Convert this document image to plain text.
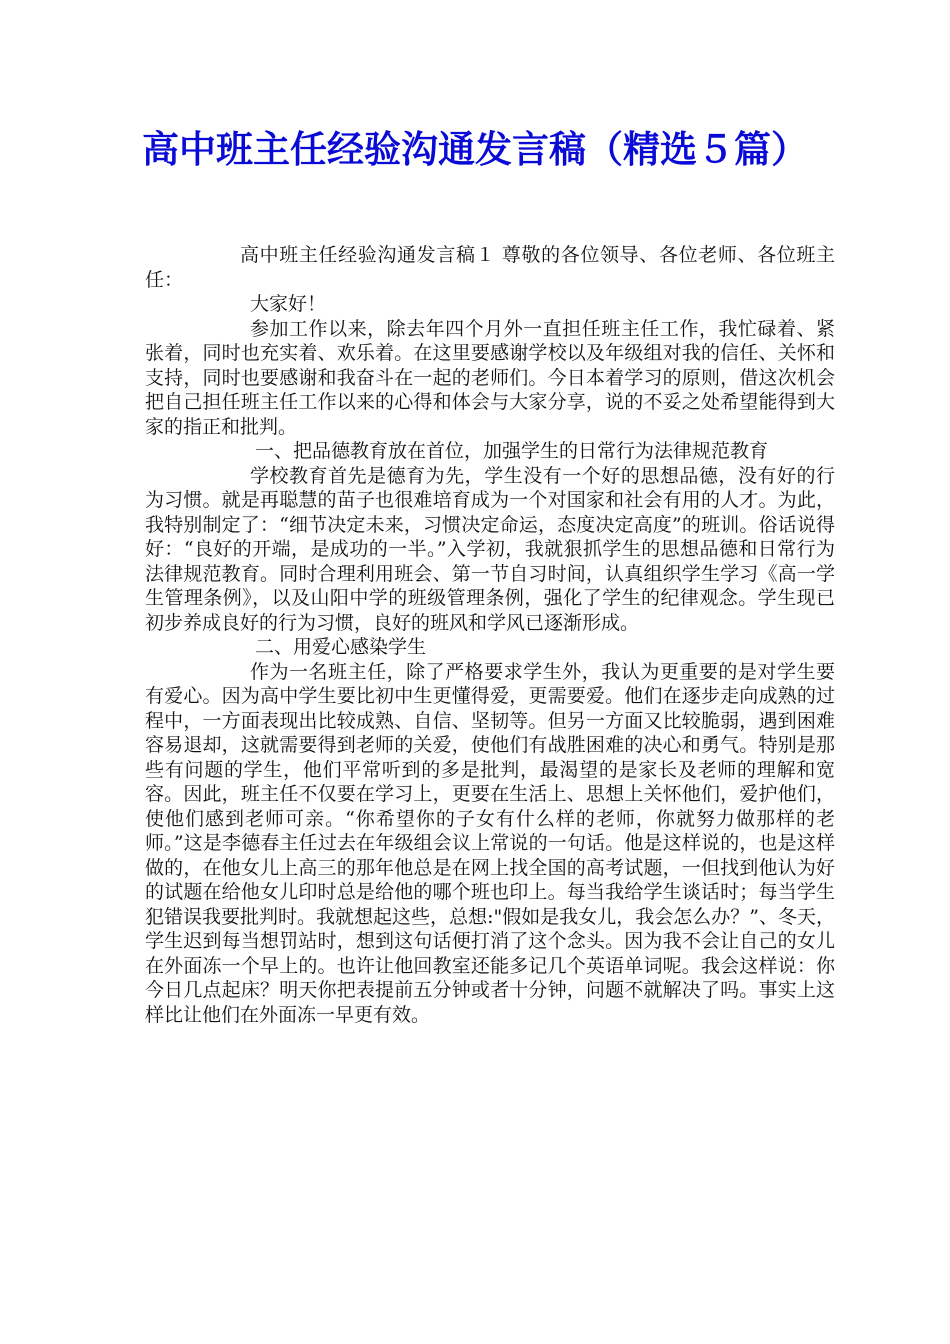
高中班主任经验沟通发言稿（精选５篇）

高中班主任经验沟通发言稿１ 尊敬的各位领导、各位老师、各位班主任：

大家好！

参加工作以来，除去年四个月外一直担任班主任工作，我忙碌着、紧张着，同时也充实着、欢乐着。在这里要感谢学校以及年级组对我的信任、关怀和支持，同时也要感谢和我奋斗在一起的老师们。今日本着学习的原则，借这次机会把自己担任班主任工作以来的心得和体会与大家分享，说的不妥之处希望能得到大家的指正和批判。

一、把品德教育放在首位，加强学生的日常行为法律规范教育

学校教育首先是德育为先，学生没有一个好的思想品德，没有好的行为习惯。就是再聪慧的苗子也很难培育成为一个对国家和社会有用的人才。为此，我特别制定了：“细节决定未来，习惯决定命运，态度决定高度”的班训。俗话说得好：“良好的开端，是成功的一半。”入学初，我就狠抓学生的思想品德和日常行为法律规范教育。同时合理利用班会、第一节自习时间，认真组织学生学习《高一学生管理条例》，以及山阳中学的班级管理条例，强化了学生的纪律观念。学生现已初步养成良好的行为习惯，良好的班风和学风已逐渐形成。

二、用爱心感染学生

作为一名班主任，除了严格要求学生外，我认为更重要的是对学生要有爱心。因为高中学生要比初中生更懂得爱，更需要爱。他们在逐步走向成熟的过程中，一方面表现出比较成熟、自信、坚韧等。但另一方面又比较脆弱，遇到困难容易退却，这就需要得到老师的关爱，使他们有战胜困难的决心和勇气。特别是那些有问题的学生，他们平常听到的多是批判，最渴望的是家长及老师的理解和宽容。因此，班主任不仅要在学习上，更要在生活上、思想上关怀他们，爱护他们，使他们感到老师可亲。“你希望你的子女有什么样的老师，你就努力做那样的老师。”这是李德春主任过去在年级组会议上常说的一句话。他是这样说的，也是这样做的，在他女儿上高三的那年他总是在网上找全国的高考试题，一但找到他认为好的试题在给他女儿印时总是给他的哪个班也印上。每当我给学生谈话时；每当学生犯错误我要批判时。我就想起这些，总想:"假如是我女儿，我会怎么办？”、冬天，学生迟到每当想罚站时，想到这句话便打消了这个念头。因为我不会让自己的女儿在外面冻一个早上的。也许让他回教室还能多记几个英语单词呢。我会这样说：你今日几点起床？明天你把表提前五分钟或者十分钟，问题不就解决了吗。事实上这样比让他们在外面冻一早更有效。
